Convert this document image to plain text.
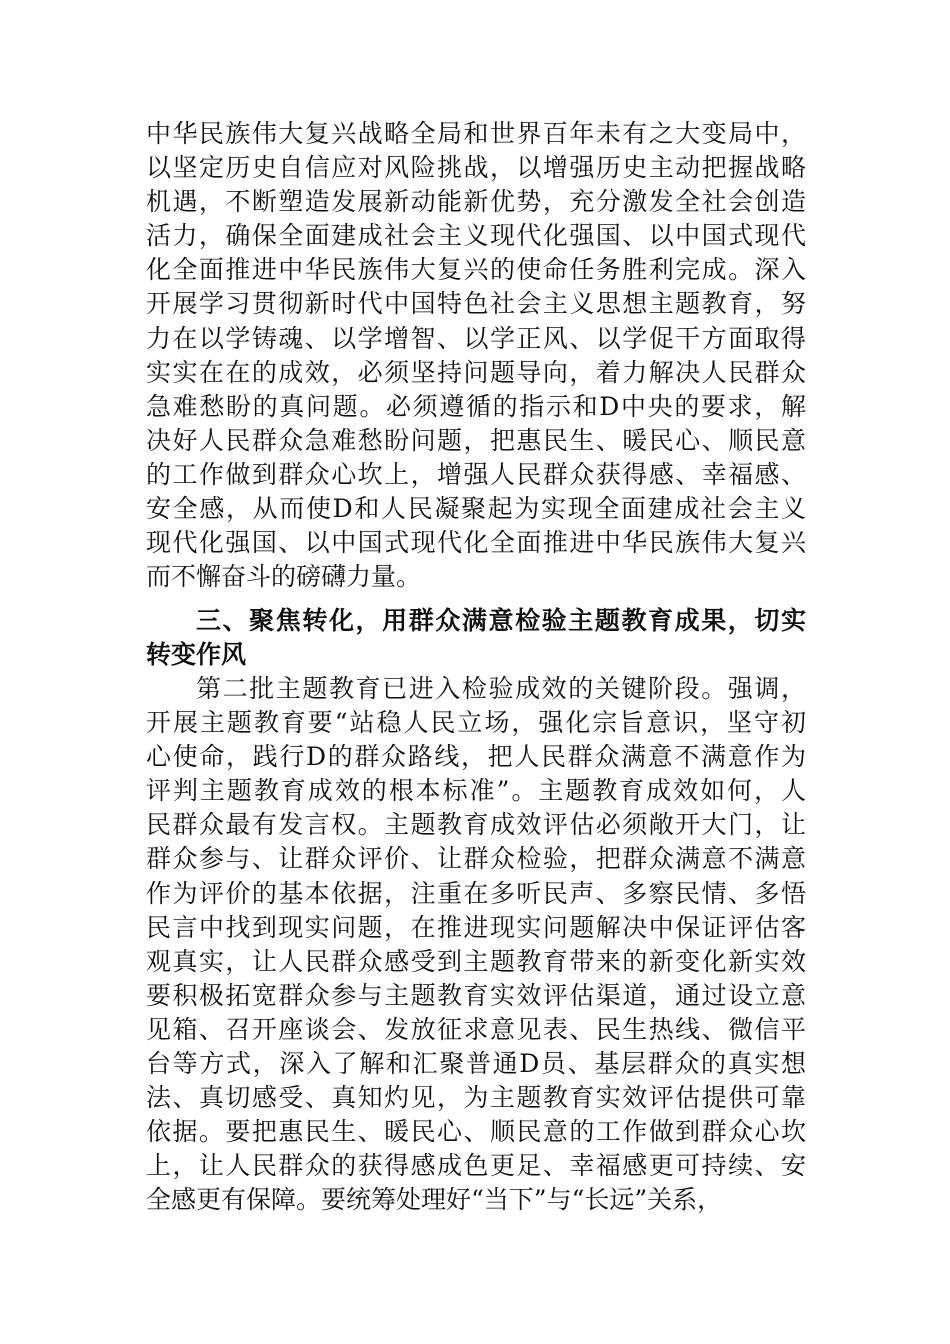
中华民族伟大复兴战略全局和世界百年未有之大变局中，
以坚定历史自信应对风险挑战，以增强历史主动把握战略
机遇，不断塑造发展新动能新优势，充分激发全社会创造
活力，确保全面建成社会主义现代化强国、以中国式现代
化全面推进中华民族伟大复兴的使命任务胜利完成。深入
开展学习贯彻新时代中国特色社会主义思想主题教育，努
力在以学铸魂、以学增智、以学正风、以学促干方面取得
实实在在的成效，必须坚持问题导向，着力解决人民群众
急难愁盼的真问题。必须遵循的指示和D中央的要求，解
决好人民群众急难愁盼问题，把惠民生、暖民心、顺民意
的工作做到群众心坎上，增强人民群众获得感、幸福感、
安全感，从而使D和人民凝聚起为实现全面建成社会主义
现代化强国、以中国式现代化全面推进中华民族伟大复兴
而不懈奋斗的磅礴力量。
三、聚焦转化，用群众满意检验主题教育成果，切实
转变作风
第二批主题教育已进入检验成效的关键阶段。强调，
开展主题教育要“站稳人民立场，强化宗旨意识，坚守初
心使命，践行D的群众路线，把人民群众满意不满意作为
评判主题教育成效的根本标准”。主题教育成效如何，人
民群众最有发言权。主题教育成效评估必须敞开大门，让
群众参与、让群众评价、让群众检验，把群众满意不满意
作为评价的基本依据，注重在多听民声、多察民情、多悟
民言中找到现实问题，在推进现实问题解决中保证评估客
观真实，让人民群众感受到主题教育带来的新变化新实效
要积极拓宽群众参与主题教育实效评估渠道，通过设立意
见箱、召开座谈会、发放征求意见表、民生热线、微信平
台等方式，深入了解和汇聚普通D员、基层群众的真实想
法、真切感受、真知灼见，为主题教育实效评估提供可靠
依据。要把惠民生、暖民心、顺民意的工作做到群众心坎
上，让人民群众的获得感成色更足、幸福感更可持续、安
全感更有保障。要统筹处理好“当下”与“长远”关系，
